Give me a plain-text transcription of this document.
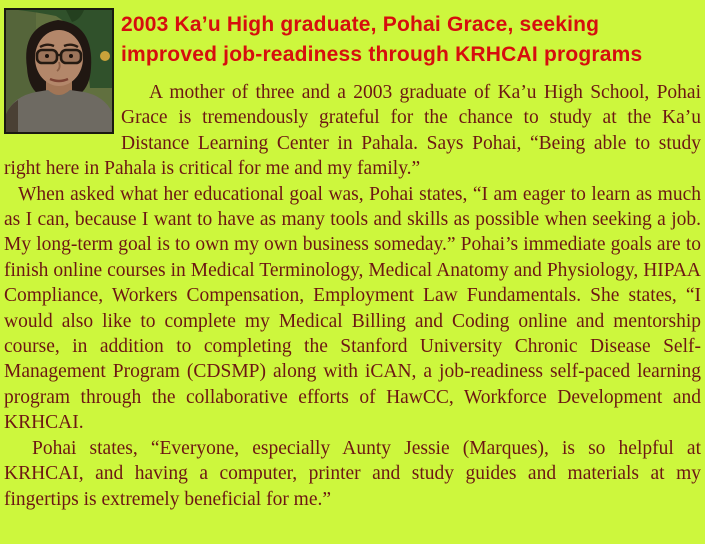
2003 Ka’u High graduate, Pohai Grace, seeking
improved job-readiness through KRHCAI programs

A mother of three and a 2003 graduate of Ka’u High School, Pohai Grace is tremendously grateful for the chance to study at the Ka’u Distance Learning Center in Pahala. Says Pohai, “Being able to study right here in Pahala is critical for me and my family.”

When asked what her educational goal was, Pohai states, “I am eager to learn as much as I can, because I want to have as many tools and skills as possible when seeking a job. My long-term goal is to own my own business someday.” Pohai’s immediate goals are to finish online courses in Medical Terminology, Medical Anatomy and Physiology, HIPAA Compliance, Workers Compensation, Employment Law Fundamentals. She states, “I would also like to complete my Medical Billing and Coding online and mentorship course, in addition to completing the Stanford University Chronic Disease Self-Management Program (CDSMP) along with iCAN, a job-readiness self-paced learning program through the collaborative efforts of HawCC, Workforce Development and KRHCAI.

Pohai states, “Everyone, especially Aunty Jessie (Marques), is so helpful at KRHCAI, and having a computer, printer and study guides and materials at my fingertips is extremely beneficial for me.”
